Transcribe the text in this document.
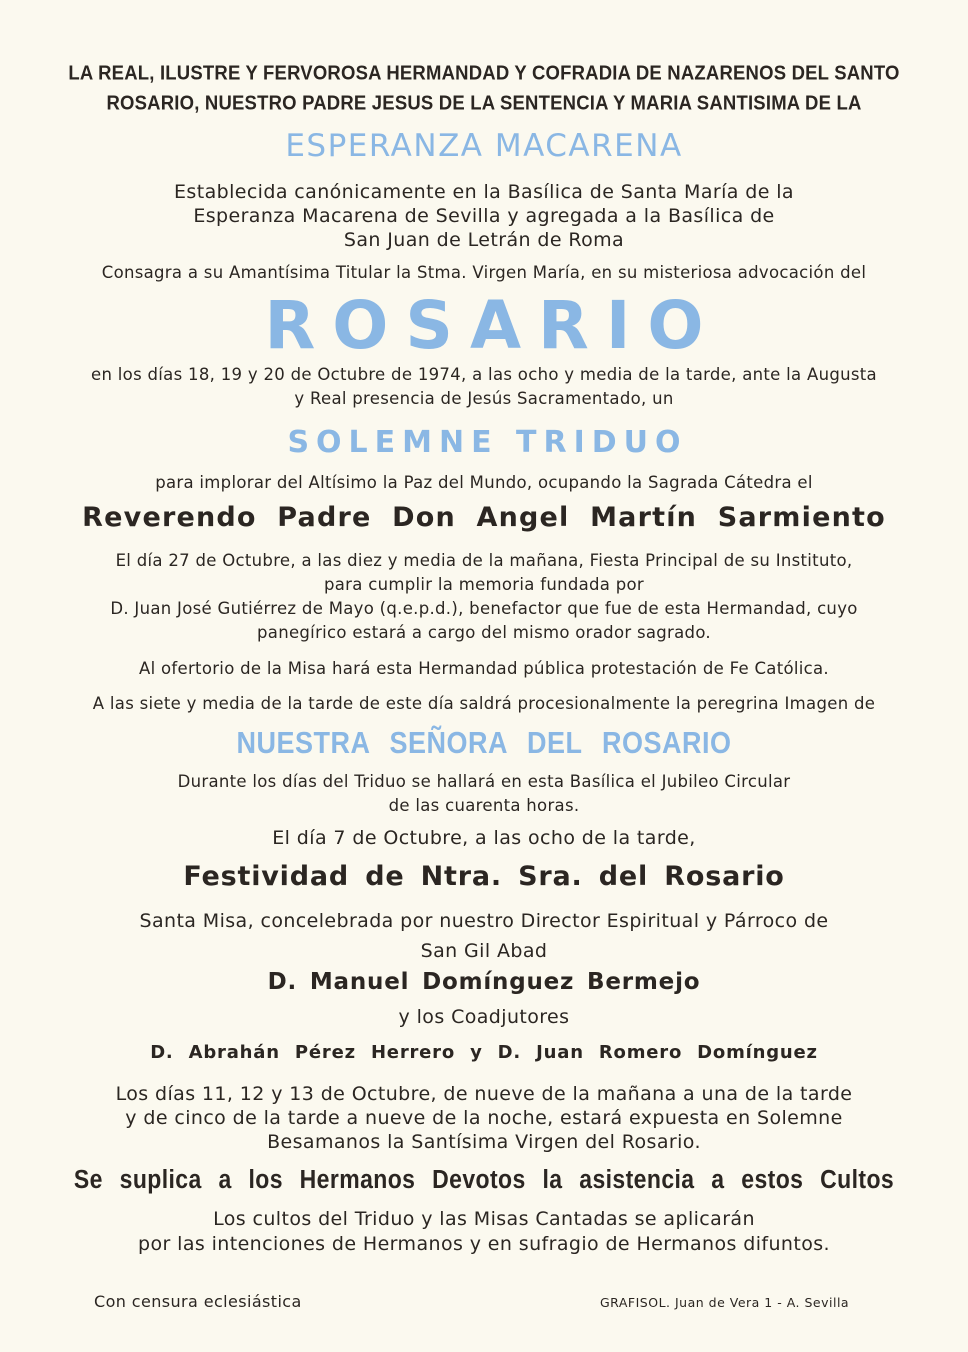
LA REAL, ILUSTRE Y FERVOROSA HERMANDAD Y COFRADIA DE NAZARENOS DEL SANTO
ROSARIO, NUESTRO PADRE JESUS DE LA SENTENCIA Y MARIA SANTISIMA DE LA
ESPERANZA MACARENA
Establecida canónicamente en la Basílica de Santa María de la
Esperanza Macarena de Sevilla y agregada a la Basílica de
San Juan de Letrán de Roma
Consagra a su Amantísima Titular la Stma. Virgen María, en su misteriosa advocación del
ROSARIO
en los días 18, 19 y 20 de Octubre de 1974, a las ocho y media de la tarde, ante la Augusta
y Real presencia de Jesús Sacramentado, un
SOLEMNE TRIDUO
para implorar del Altísimo la Paz del Mundo, ocupando la Sagrada Cátedra el
Reverendo Padre Don Angel Martín Sarmiento
El día 27 de Octubre, a las diez y media de la mañana, Fiesta Principal de su Instituto,
para cumplir la memoria fundada por
D. Juan José Gutiérrez de Mayo (q.e.p.d.), benefactor que fue de esta Hermandad, cuyo
panegírico estará a cargo del mismo orador sagrado.
Al ofertorio de la Misa hará esta Hermandad pública protestación de Fe Católica.
A las siete y media de la tarde de este día saldrá procesionalmente la peregrina Imagen de
NUESTRA SEÑORA DEL ROSARIO
Durante los días del Triduo se hallará en esta Basílica el Jubileo Circular
de las cuarenta horas.
El día 7 de Octubre, a las ocho de la tarde,
Festividad de Ntra. Sra. del Rosario
Santa Misa, concelebrada por nuestro Director Espiritual y Párroco de
San Gil Abad
D. Manuel Domínguez Bermejo
y los Coadjutores
D. Abrahán Pérez Herrero y D. Juan Romero Domínguez
Los días 11, 12 y 13 de Octubre, de nueve de la mañana a una de la tarde
y de cinco de la tarde a nueve de la noche, estará expuesta en Solemne
Besamanos la Santísima Virgen del Rosario.
Se suplica a los Hermanos Devotos la asistencia a estos Cultos
Los cultos del Triduo y las Misas Cantadas se aplicarán
por las intenciones de Hermanos y en sufragio de Hermanos difuntos.
Con censura eclesiástica	GRAFISOL. Juan de Vera 1 - A. Sevilla
